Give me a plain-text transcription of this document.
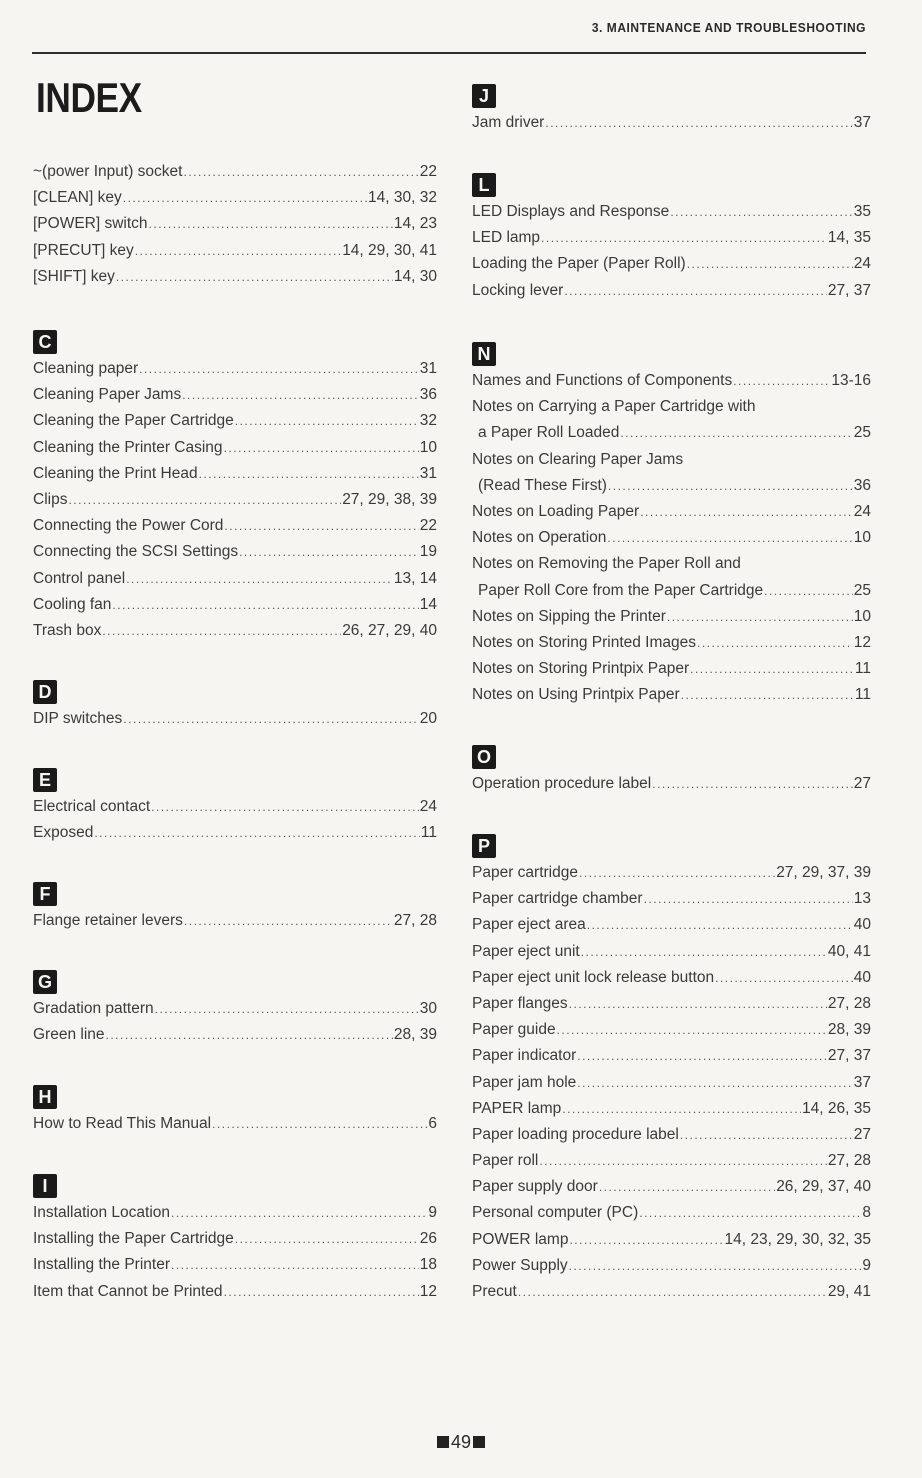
3. MAINTENANCE AND TROUBLESHOOTING
INDEX
~(power Input) socket .....	22
[CLEAN] key .....	14, 30, 32
[POWER] switch .....	14, 23
[PRECUT] key .....	14, 29, 30, 41
[SHIFT] key .....	14, 30
C
Cleaning paper .....	31
Cleaning Paper Jams .....	36
Cleaning the Paper Cartridge .....	32
Cleaning the Printer Casing .....	10
Cleaning the Print Head .....	31
Clips .....	27, 29, 38, 39
Connecting the Power Cord .....	22
Connecting the SCSI Settings .....	19
Control panel .....	13, 14
Cooling fan .....	14
Trash box .....	26, 27, 29, 40
D
DIP switches .....	20
E
Electrical contact .....	24
Exposed .....	11
F
Flange retainer levers .....	27, 28
G
Gradation pattern .....	30
Green line .....	28, 39
H
How to Read This Manual .....	6
I
Installation Location .....	9
Installing the Paper Cartridge .....	26
Installing the Printer .....	18
Item that Cannot be Printed .....	12
J
Jam driver .....	37
L
LED Displays and Response .....	35
LED lamp .....	14, 35
Loading the Paper (Paper Roll) .....	24
Locking lever .....	27, 37
N
Names and Functions of Components .....	13-16
Notes on Carrying a Paper Cartridge with
a Paper Roll Loaded .....	25
Notes on Clearing Paper Jams
(Read These First) .....	36
Notes on Loading Paper .....	24
Notes on Operation .....	10
Notes on Removing the Paper Roll and
Paper Roll Core from the Paper Cartridge .....	25
Notes on Sipping the Printer .....	10
Notes on Storing Printed Images .....	12
Notes on Storing Printpix Paper .....	11
Notes on Using Printpix Paper .....	11
O
Operation procedure label .....	27
P
Paper cartridge .....	27, 29, 37, 39
Paper cartridge chamber .....	13
Paper eject area .....	40
Paper eject unit .....	40, 41
Paper eject unit lock release button .....	40
Paper flanges .....	27, 28
Paper guide .....	28, 39
Paper indicator .....	27, 37
Paper jam hole .....	37
PAPER lamp .....	14, 26, 35
Paper loading procedure label .....	27
Paper roll .....	27, 28
Paper supply door .....	26, 29, 37, 40
Personal computer (PC) .....	8
POWER lamp .....	14, 23, 29, 30, 32, 35
Power Supply .....	9
Precut .....	29, 41
49
